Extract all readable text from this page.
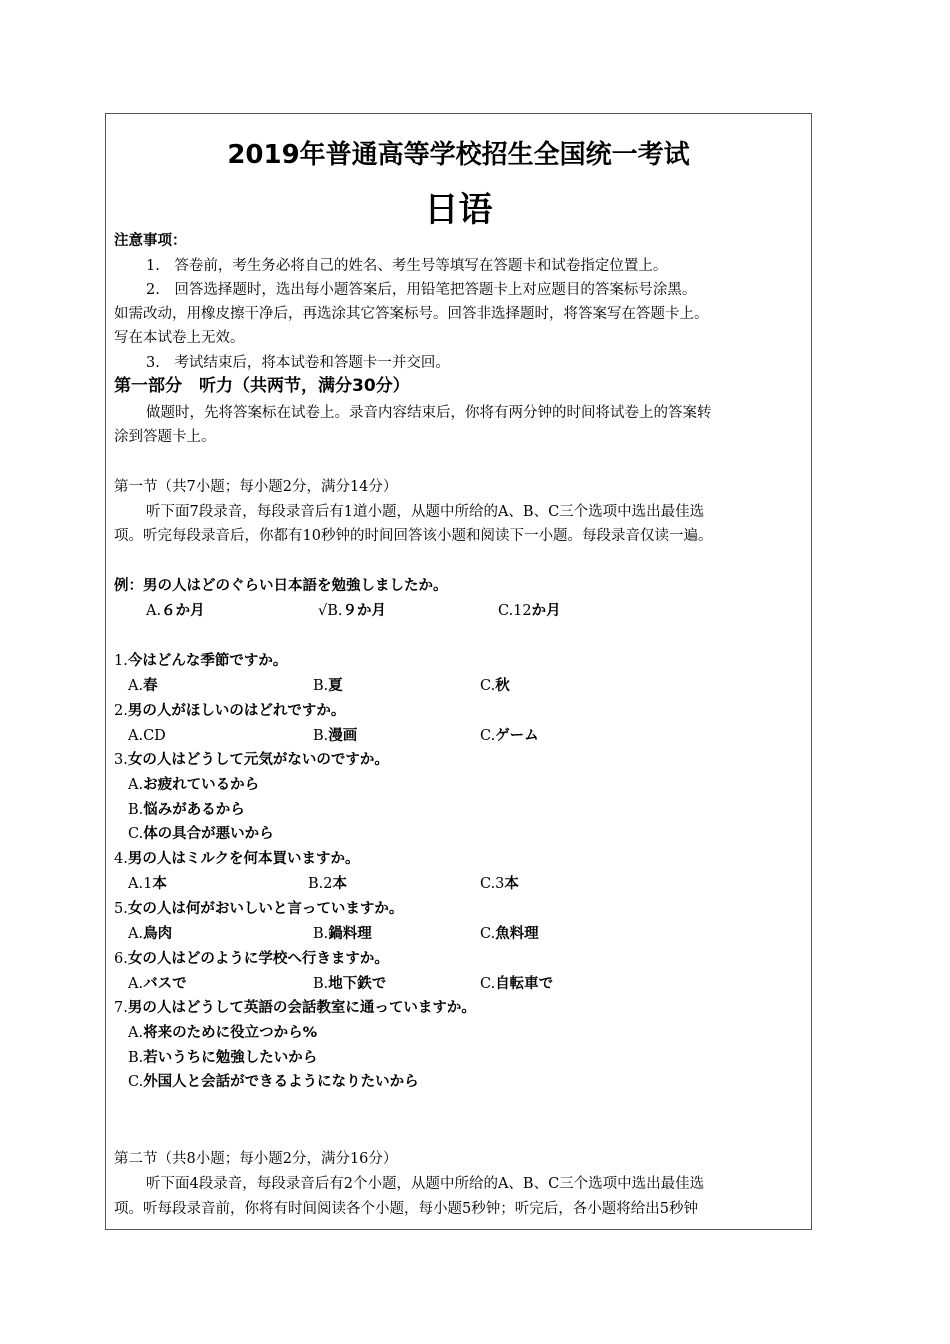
2019年普通高等学校招生全国统一考试
日语
注意事项：
1.　答卷前，考生务必将自己的姓名、考生号等填写在答题卡和试卷指定位置上。
2.　回答选择题时，选出每小题答案后，用铅笔把答题卡上对应题目的答案标号涂黑。
如需改动，用橡皮擦干净后，再选涂其它答案标号。回答非选择题时，将答案写在答题卡上。
写在本试卷上无效。
3.　考试结束后，将本试卷和答题卡一并交回。
第一部分　听力（共两节，满分30分）
做题时，先将答案标在试卷上。录音内容结束后，你将有两分钟的时间将试卷上的答案转
涂到答题卡上。
第一节（共7小题；每小题2分，满分14分）
听下面7段录音，每段录音后有1道小题，从题中所给的A、B、C三个选项中选出最佳选
项。听完每段录音后，你都有10秒钟的时间回答该小题和阅读下一小题。每段录音仅读一遍。
例：男の人はどのぐらい日本語を勉強しましたか。
A.６か月	√B.９か月	C.12か月
1.今はどんな季節ですか。
A.春	B.夏	C.秋
2.男の人がほしいのはどれですか。
A.CD	B.漫画	C.ゲーム
3.女の人はどうして元気がないのですか。
A.お疲れているから
B.悩みがあるから
C.体の具合が悪いから
4.男の人はミルクを何本買いますか。
A.1本	B.2本	C.3本
5.女の人は何がおいしいと言っていますか。
A.鳥肉	B.鍋料理	C.魚料理
6.女の人はどのように学校へ行きますか。
A.バスで	B.地下鉄で	C.自転車で
7.男の人はどうして英語の会話教室に通っていますか。
A.将来のために役立つから%
B.若いうちに勉強したいから
C.外国人と会話ができるようになりたいから
第二节（共8小题；每小题2分，满分16分）
听下面4段录音，每段录音后有2个小题，从题中所给的A、B、C三个选项中选出最佳选
项。听每段录音前，你将有时间阅读各个小题，每小题5秒钟；听完后，各小题将给出5秒钟
